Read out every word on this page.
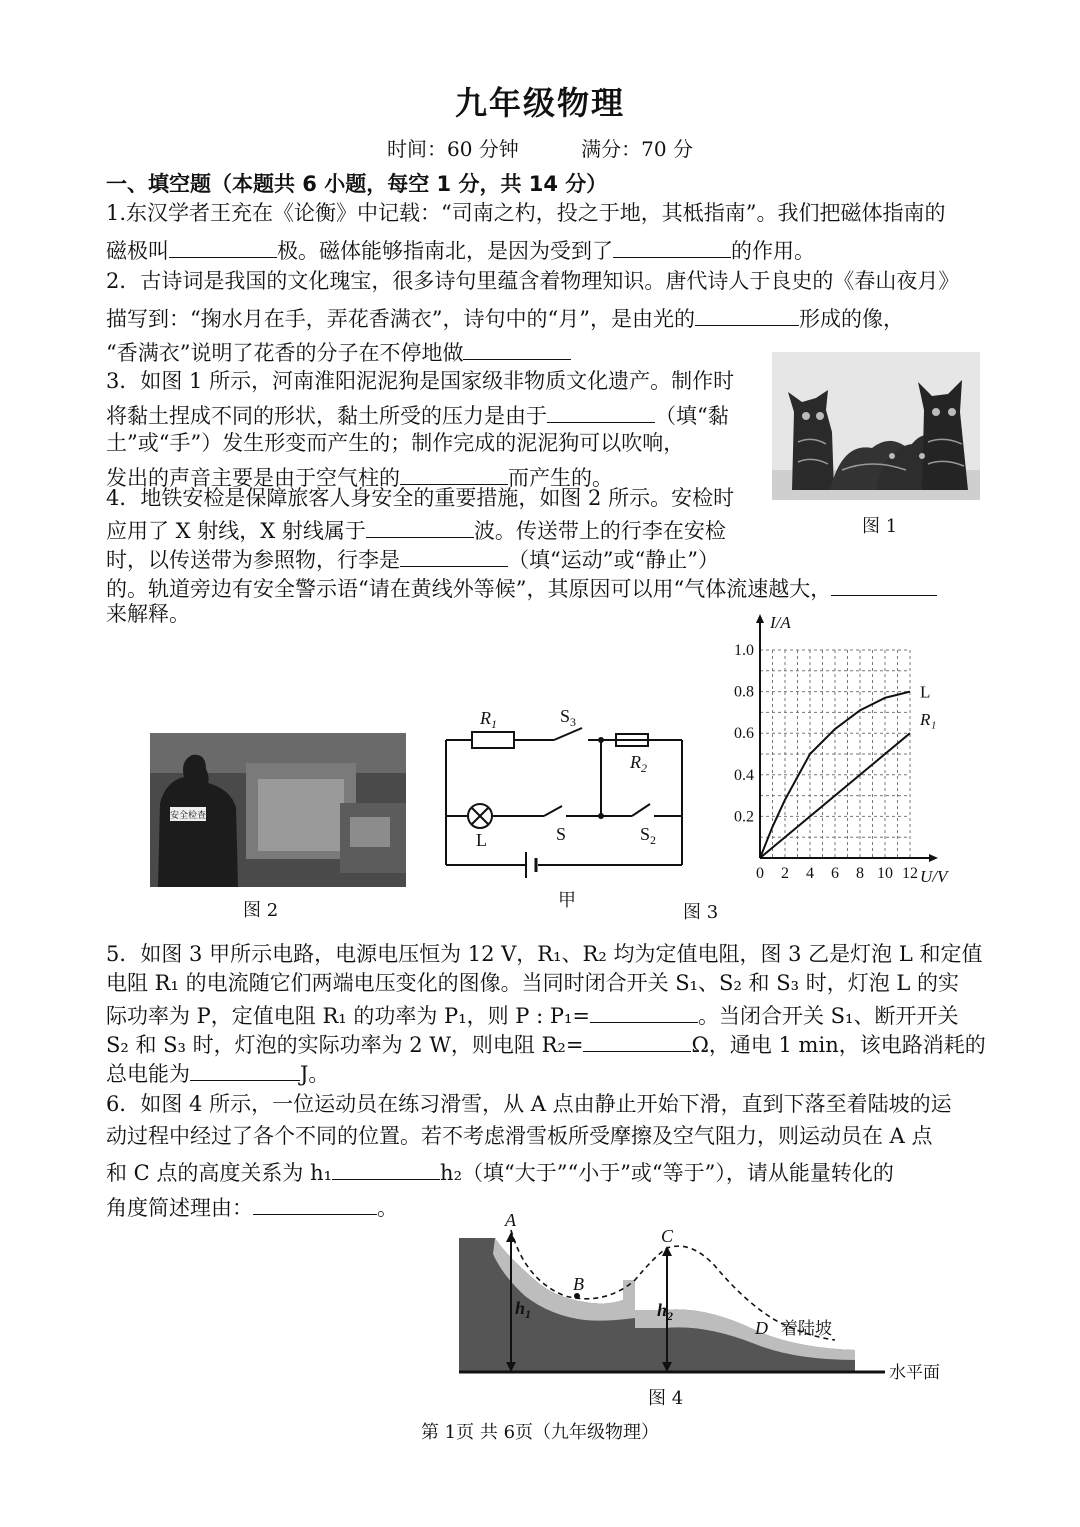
九年级物理
时间：60 分钟	满分：70 分
一、填空题（本题共 6 小题，每空 1 分，共 14 分）
1.东汉学者王充在《论衡》中记载：“司南之杓，投之于地，其柢指南”。我们把磁体指南的
磁极叫	极。磁体能够指南北，是因为受到了	的作用。
2．古诗词是我国的文化瑰宝，很多诗句里蕴含着物理知识。唐代诗人于良史的《春山夜月》
描写到：“掬水月在手，弄花香满衣”，诗句中的“月”，是由光的	形成的像，
“香满衣”说明了花香的分子在不停地做
3．如图 1 所示，河南淮阳泥泥狗是国家级非物质文化遗产。制作时
将黏土捏成不同的形状，黏土所受的压力是由于	（填“黏
土”或“手”）发生形变而产生的；制作完成的泥泥狗可以吹响，
发出的声音主要是由于空气柱的	而产生的。
图 1
4．地铁安检是保障旅客人身安全的重要措施，如图 2 所示。安检时
应用了 X 射线，X 射线属于	波。传送带上的行李在安检
时，以传送带为参照物，行李是	（填“运动”或“静止”）
的。轨道旁边有安全警示语“请在黄线外等候”，其原因可以用“气体流速越大，
来解释。
安全检查
图 2
$R_1$	$S_3$
$R_2$
L	S	$S_2$
甲
图 3
0 2 4 6 8 10 12
0.2
0.4
0.6
0.8
1.0
U/V
I/A
L
R₁
5．如图 3 甲所示电路，电源电压恒为 12 V，R₁、R₂ 均为定值电阻，图 3 乙是灯泡 L 和定值
电阻 R₁ 的电流随它们两端电压变化的图像。当同时闭合开关 S₁、S₂ 和 S₃ 时，灯泡 L 的实
际功率为 P，定值电阻 R₁ 的功率为 P₁，则 P : P₁=	。当闭合开关 S₁、断开开关
S₂ 和 S₃ 时，灯泡的实际功率为 2 W，则电阻 R₂=	Ω，通电 1 min，该电路消耗的
总电能为	J。
6．如图 4 所示，一位运动员在练习滑雪，从 A 点由静止开始下滑，直到下落至着陆坡的运
动过程中经过了各个不同的位置。若不考虑滑雪板所受摩擦及空气阻力，则运动员在 A 点
和 C 点的高度关系为 h₁	h₂（填“大于”“小于”或“等于”），请从能量转化的
角度简述理由：	。	A
B
C
D
$h_1$	$h_2$
着陆坡
水平面
图 4
第 1页 共 6页（九年级物理）
